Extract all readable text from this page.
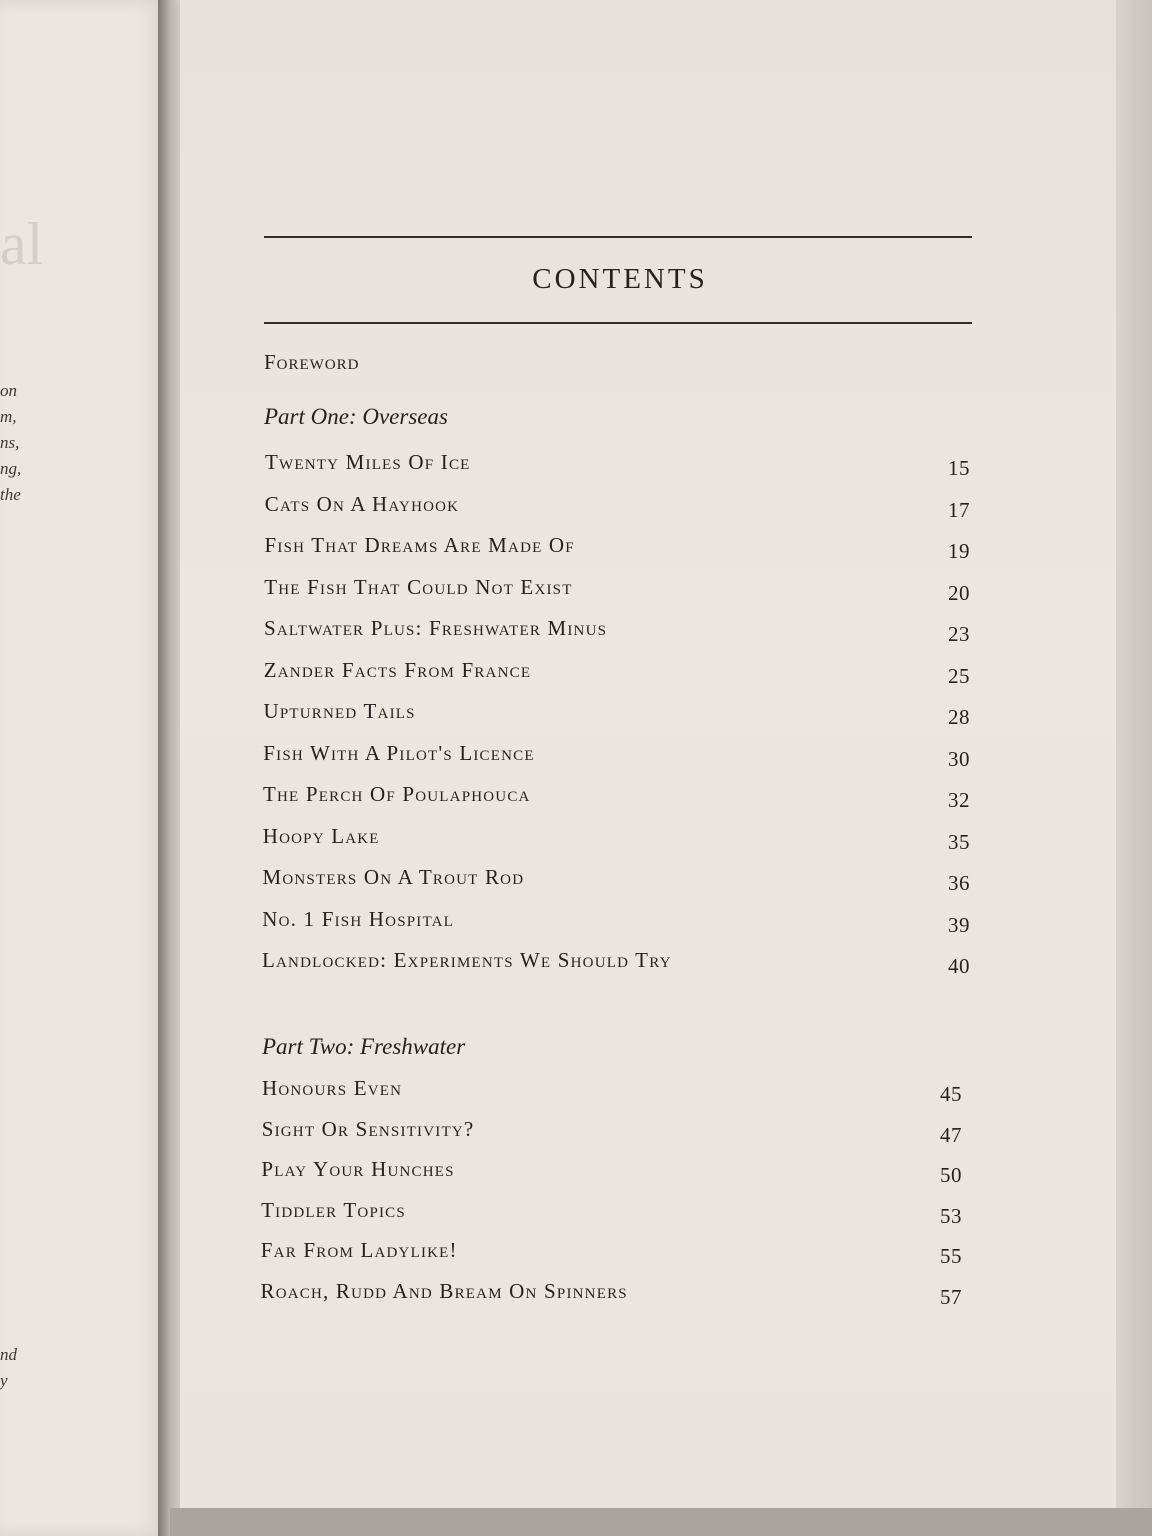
al
on
m,
ns,
ng,
the
nd
y
CONTENTS
Foreword
Part One: Overseas
Twenty Miles Of Ice	15
Cats On A Hayhook	17
Fish That Dreams Are Made Of	19
The Fish That Could Not Exist	20
Saltwater Plus: Freshwater Minus	23
Zander Facts From France	25
Upturned Tails	28
Fish With A Pilot's Licence	30
The Perch Of Poulaphouca	32
Hoopy Lake	35
Monsters On A Trout Rod	36
No. 1 Fish Hospital	39
Landlocked: Experiments We Should Try	40
Part Two: Freshwater
Honours Even	45
Sight Or Sensitivity?	47
Play Your Hunches	50
Tiddler Topics	53
Far From Ladylike!	55
Roach, Rudd And Bream On Spinners	57
